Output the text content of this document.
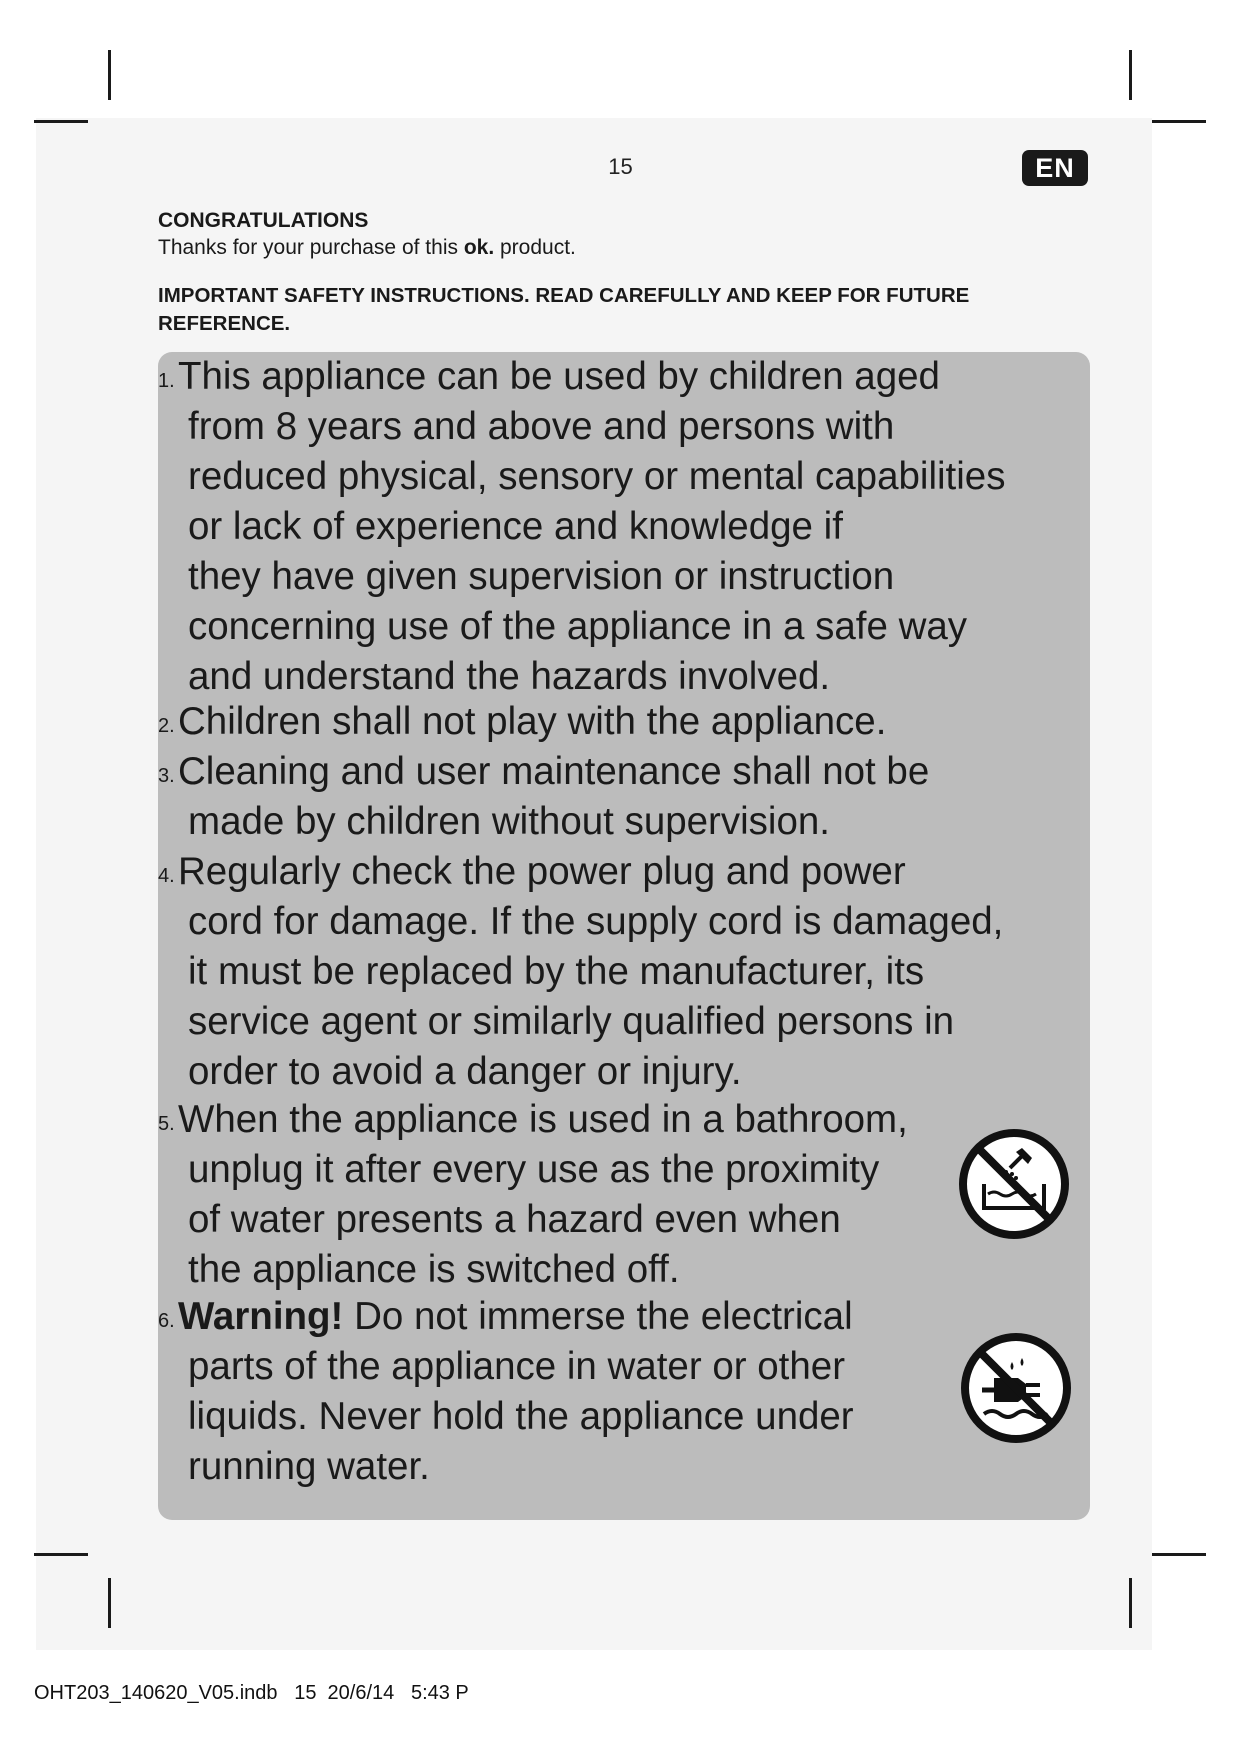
15	EN
CONGRATULATIONS
Thanks for your purchase of this ok. product.
IMPORTANT SAFETY INSTRUCTIONS. READ CAREFULLY AND KEEP FOR FUTURE REFERENCE.
1. This appliance can be used by children aged
from 8 years and above and persons with
reduced physical, sensory or mental capabilities
or lack of experience and knowledge if
they have given supervision or instruction
concerning use of the appliance in a safe way
and understand the hazards involved.
2. Children shall not play with the appliance.
3. Cleaning and user maintenance shall not be
made by children without supervision.
4. Regularly check the power plug and power
cord for damage. If the supply cord is damaged,
it must be replaced by the manufacturer, its
service agent or similarly qualified persons in
order to avoid a danger or injury.
5. When the appliance is used in a bathroom,
unplug it after every use as the proximity
of water presents a hazard even when
the appliance is switched off.
6. Warning! Do not immerse the electrical
parts of the appliance in water or other
liquids. Never hold the appliance under
running water.
OHT203_140620_V05.indb   15  20/6/14   5:43 P
